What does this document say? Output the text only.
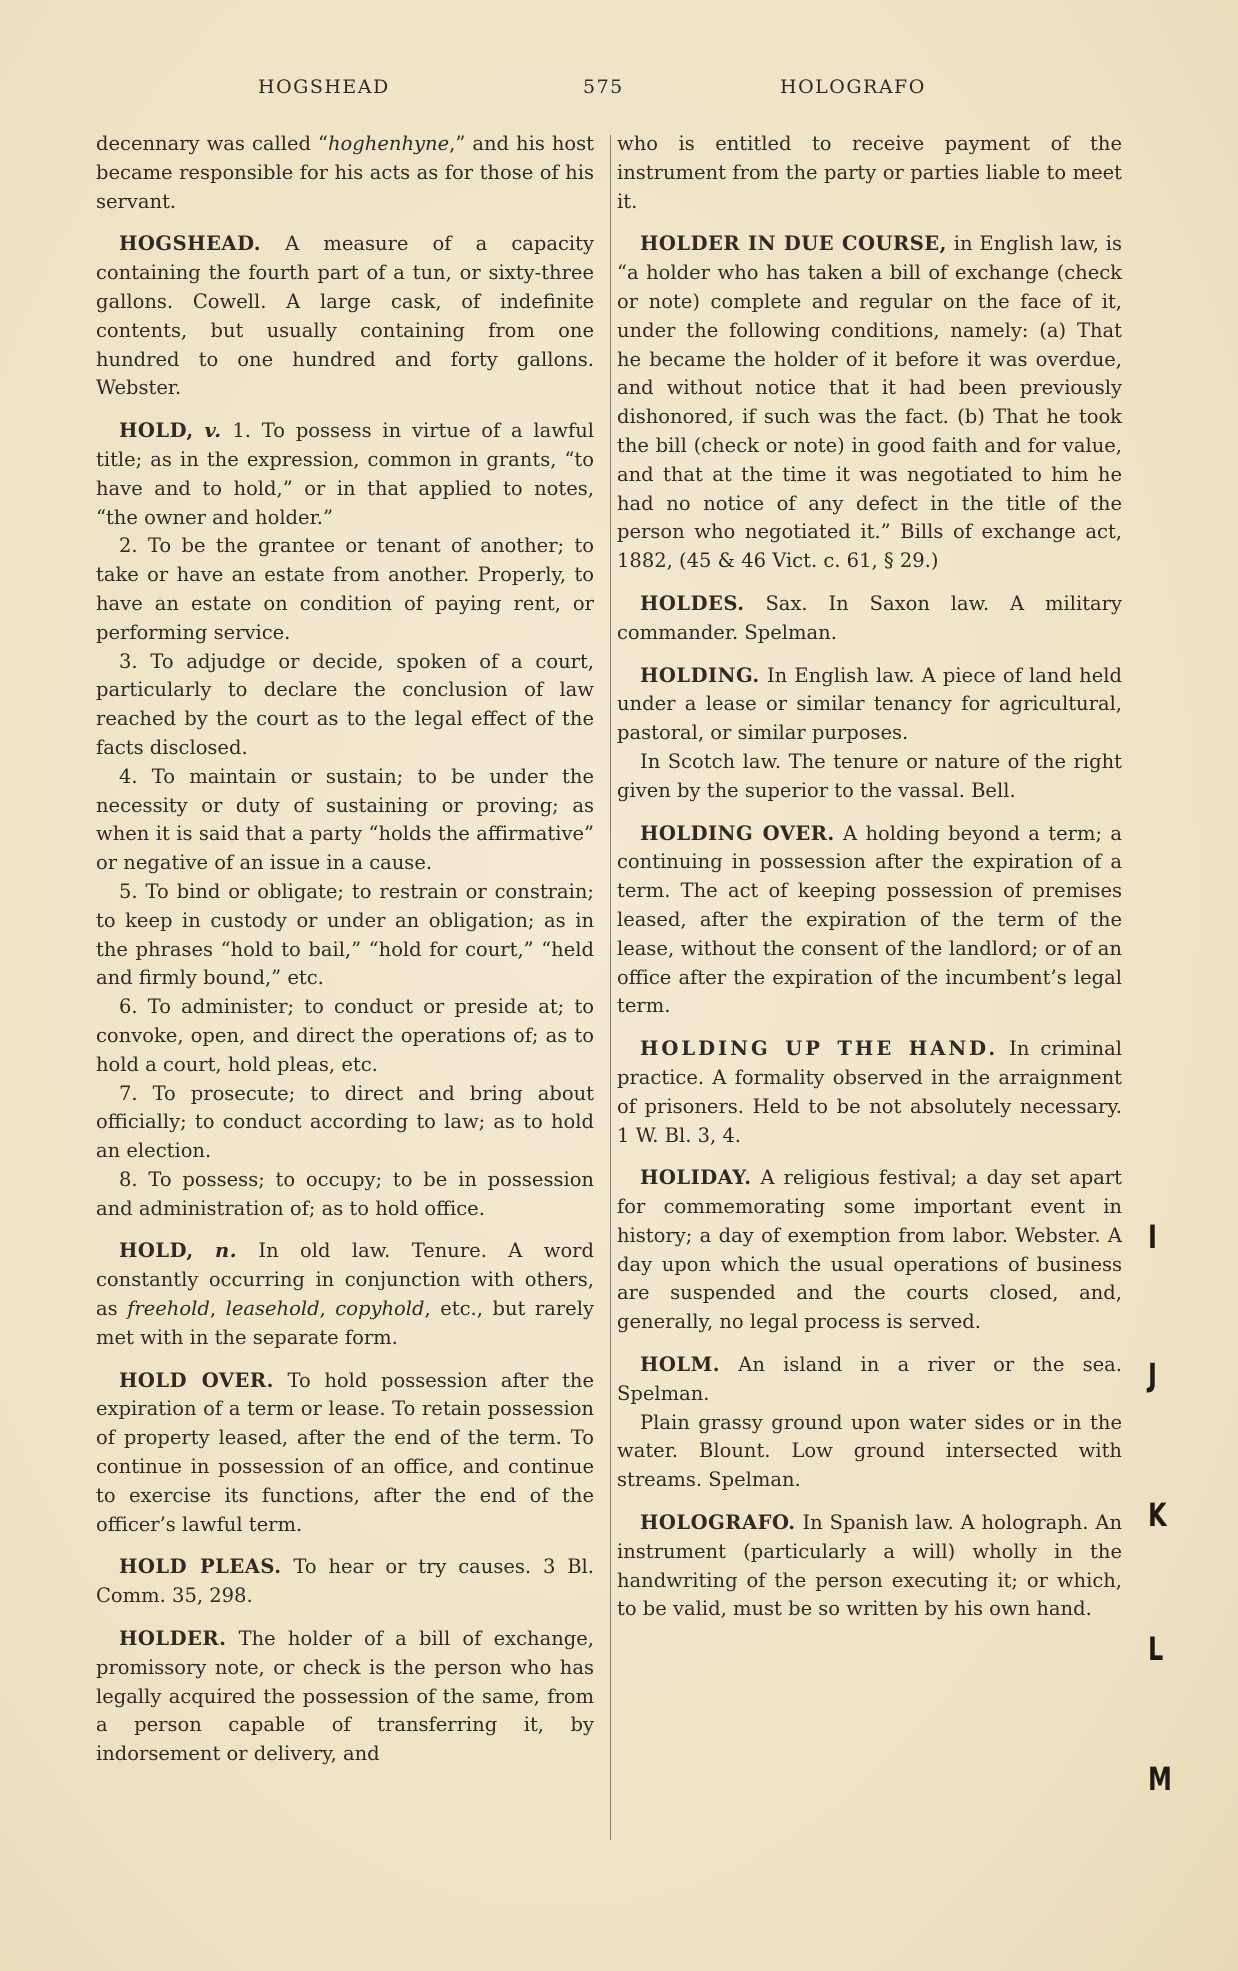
HOGSHEAD	575	HOLOGRAFO

decennary was called “hoghenhyne,” and his host became responsible for his acts as for those of his servant.

HOGSHEAD. A measure of a capacity containing the fourth part of a tun, or sixty-three gallons. Cowell. A large cask, of indefinite contents, but usually containing from one hundred to one hundred and forty gallons. Webster.

HOLD, v. 1. To possess in virtue of a lawful title; as in the expression, common in grants, “to have and to hold,” or in that applied to notes, “the owner and holder.”

2. To be the grantee or tenant of another; to take or have an estate from another. Properly, to have an estate on condition of paying rent, or performing service.

3. To adjudge or decide, spoken of a court, particularly to declare the conclusion of law reached by the court as to the legal effect of the facts disclosed.

4. To maintain or sustain; to be under the necessity or duty of sustaining or proving; as when it is said that a party “holds the affirmative” or negative of an issue in a cause.

5. To bind or obligate; to restrain or constrain; to keep in custody or under an obligation; as in the phrases “hold to bail,” “hold for court,” “held and firmly bound,” etc.

6. To administer; to conduct or preside at; to convoke, open, and direct the operations of; as to hold a court, hold pleas, etc.

7. To prosecute; to direct and bring about officially; to conduct according to law; as to hold an election.

8. To possess; to occupy; to be in possession and administration of; as to hold office.

HOLD, n. In old law. Tenure. A word constantly occurring in conjunction with others, as freehold, leasehold, copyhold, etc., but rarely met with in the separate form.

HOLD OVER. To hold possession after the expiration of a term or lease. To retain possession of property leased, after the end of the term. To continue in possession of an office, and continue to exercise its functions, after the end of the officer’s lawful term.

HOLD PLEAS. To hear or try causes. 3 Bl. Comm. 35, 298.

HOLDER. The holder of a bill of exchange, promissory note, or check is the person who has legally acquired the possession of the same, from a person capable of transferring it, by indorsement or delivery, and

who is entitled to receive payment of the instrument from the party or parties liable to meet it.

HOLDER IN DUE COURSE, in English law, is “a holder who has taken a bill of exchange (check or note) complete and regular on the face of it, under the following conditions, namely: (a) That he became the holder of it before it was overdue, and without notice that it had been previously dishonored, if such was the fact. (b) That he took the bill (check or note) in good faith and for value, and that at the time it was negotiated to him he had no notice of any defect in the title of the person who negotiated it.” Bills of exchange act, 1882, (45 & 46 Vict. c. 61, § 29.)

HOLDES. Sax. In Saxon law. A military commander. Spelman.

HOLDING. In English law. A piece of land held under a lease or similar tenancy for agricultural, pastoral, or similar purposes.

In Scotch law. The tenure or nature of the right given by the superior to the vassal. Bell.

HOLDING OVER. A holding beyond a term; a continuing in possession after the expiration of a term. The act of keeping possession of premises leased, after the expiration of the term of the lease, without the consent of the landlord; or of an office after the expiration of the incumbent’s legal term.

HOLDING UP THE HAND. In criminal practice. A formality observed in the arraignment of prisoners. Held to be not absolutely necessary. 1 W. Bl. 3, 4.

HOLIDAY. A religious festival; a day set apart for commemorating some important event in history; a day of exemption from labor. Webster. A day upon which the usual operations of business are suspended and the courts closed, and, generally, no legal process is served.

HOLM. An island in a river or the sea. Spelman.

Plain grassy ground upon water sides or in the water. Blount. Low ground intersected with streams. Spelman.

HOLOGRAFO. In Spanish law. A holograph. An instrument (particularly a will) wholly in the handwriting of the person executing it; or which, to be valid, must be so written by his own hand.

I
J
K
L
M
